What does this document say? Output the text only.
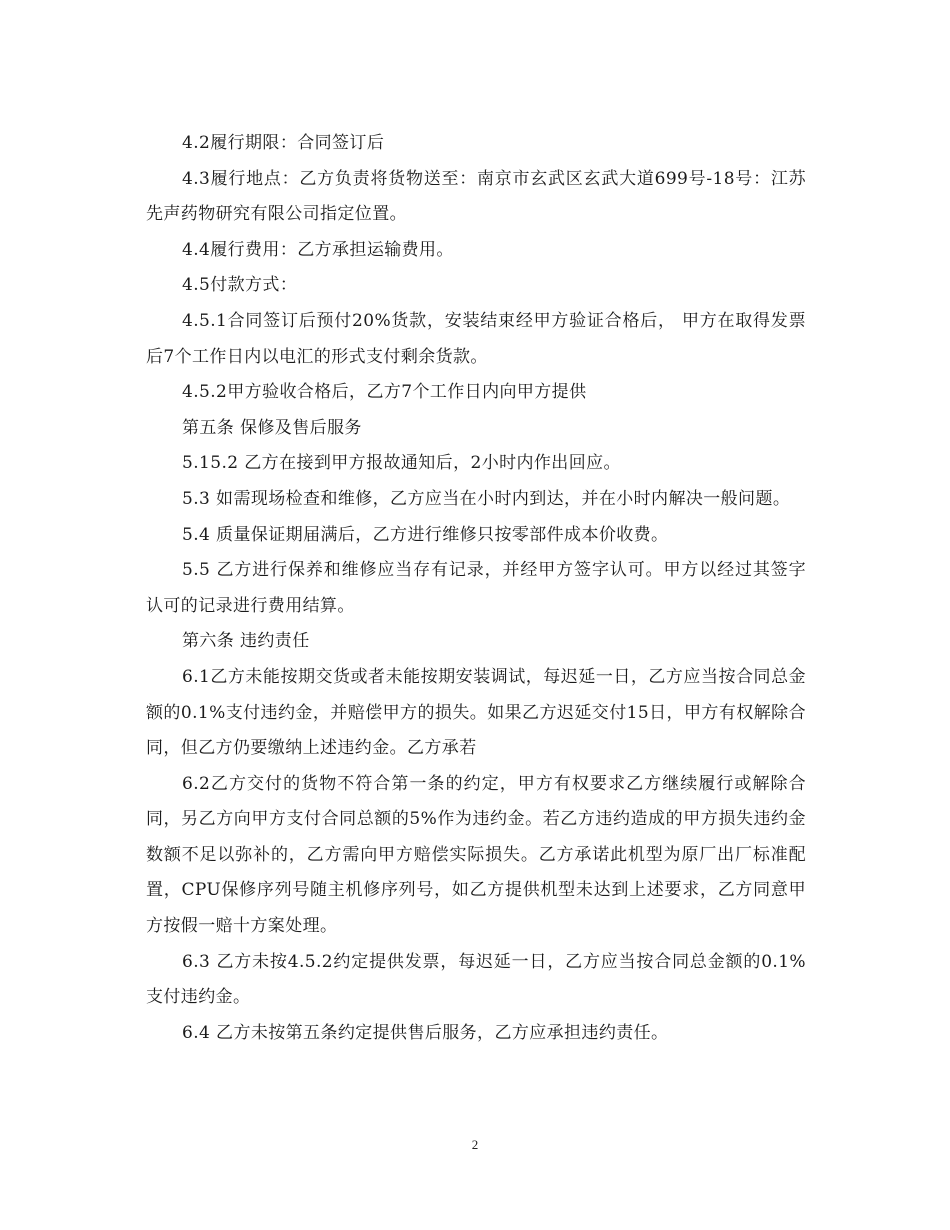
4.2履行期限：合同签订后

4.3履行地点：乙方负责将货物送至：南京市玄武区玄武大道699号-18号：江苏先声药物研究有限公司指定位置。

4.4履行费用：乙方承担运输费用。

4.5付款方式：

4.5.1合同签订后预付20%货款，安装结束经甲方验证合格后， 甲方在取得发票后7个工作日内以电汇的形式支付剩余货款。

4.5.2甲方验收合格后，乙方7个工作日内向甲方提供

第五条 保修及售后服务

5.15.2 乙方在接到甲方报故通知后，2小时内作出回应。

5.3 如需现场检查和维修，乙方应当在小时内到达，并在小时内解决一般问题。

5.4 质量保证期届满后，乙方进行维修只按零部件成本价收费。

5.5 乙方进行保养和维修应当存有记录，并经甲方签字认可。甲方以经过其签字认可的记录进行费用结算。

第六条 违约责任

6.1乙方未能按期交货或者未能按期安装调试，每迟延一日，乙方应当按合同总金额的0.1%支付违约金，并赔偿甲方的损失。如果乙方迟延交付15日，甲方有权解除合同，但乙方仍要缴纳上述违约金。乙方承若

6.2乙方交付的货物不符合第一条的约定，甲方有权要求乙方继续履行或解除合同，另乙方向甲方支付合同总额的5%作为违约金。若乙方违约造成的甲方损失违约金数额不足以弥补的，乙方需向甲方赔偿实际损失。乙方承诺此机型为原厂出厂标准配置，CPU保修序列号随主机修序列号，如乙方提供机型未达到上述要求，乙方同意甲方按假一赔十方案处理。

6.3 乙方未按4.5.2约定提供发票，每迟延一日，乙方应当按合同总金额的0.1%支付违约金。

6.4 乙方未按第五条约定提供售后服务，乙方应承担违约责任。

2
